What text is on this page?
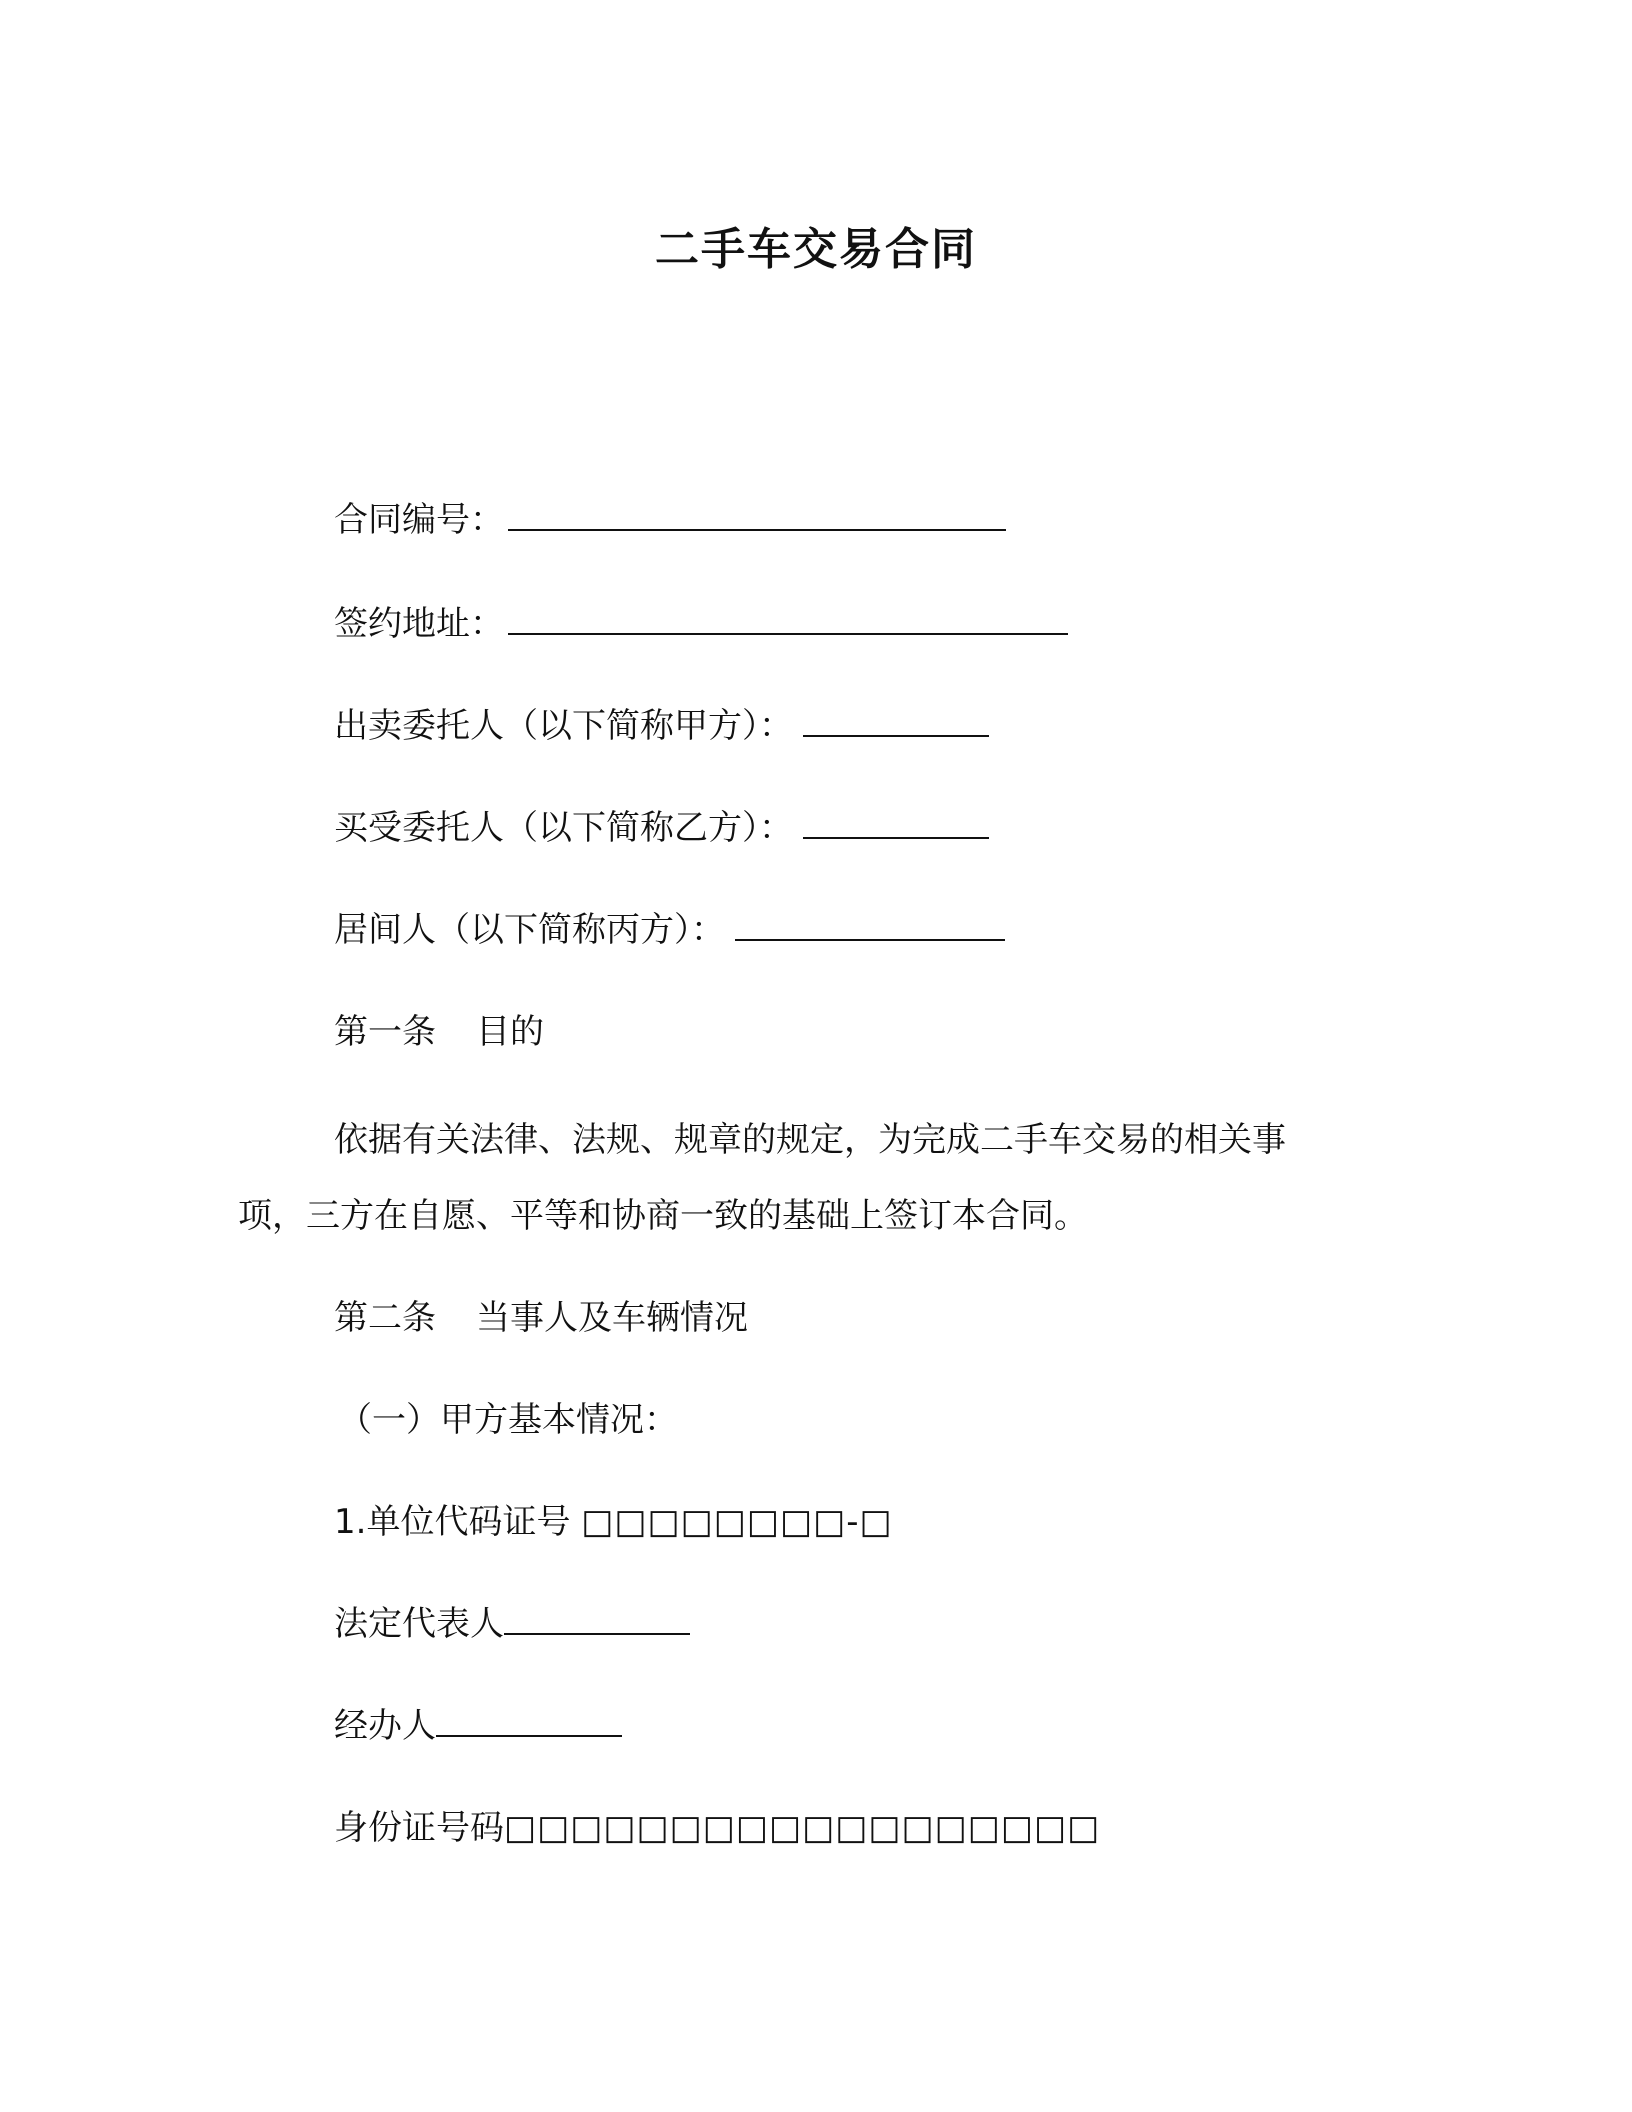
二手车交易合同
合同编号：
签约地址：
出卖委托人（以下简称甲方）：
买受委托人（以下简称乙方）：
居间人（以下简称丙方）：
第一条 目的
依据有关法律、法规、规章的规定，为完成二手车交易的相关事
项，三方在自愿、平等和协商一致的基础上签订本合同。
第二条 当事人及车辆情况
（一）甲方基本情况：
1.单位代码证号 □□□□□□□□-□
法定代表人
经办人
身份证号码□□□□□□□□□□□□□□□□□□
